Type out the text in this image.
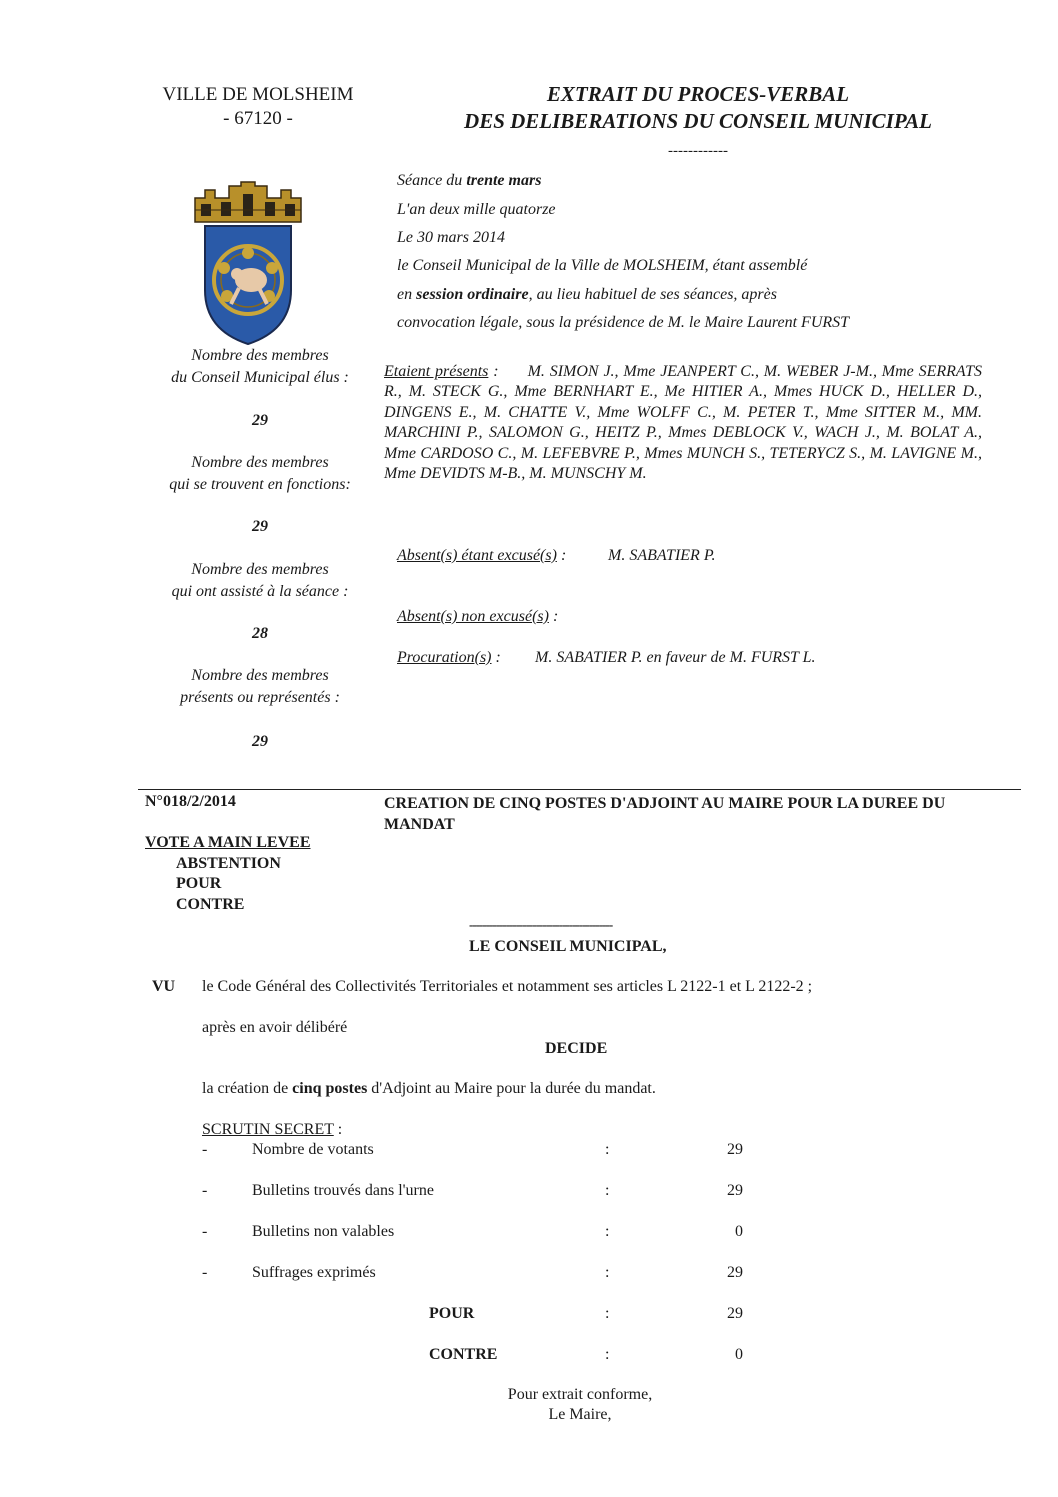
VILLE DE MOLSHEIM
- 67120 -
EXTRAIT DU PROCES-VERBAL
DES DELIBERATIONS DU CONSEIL MUNICIPAL
------------
Séance du trente mars
L'an deux mille quatorze
Le 30 mars 2014
le Conseil Municipal de la Ville de MOLSHEIM, étant assemblé
en session ordinaire, au lieu habituel de ses séances, après
convocation légale, sous la présidence de M. le Maire Laurent FURST
Nombre des membres
du Conseil Municipal élus :
29
Nombre des membres
qui se trouvent en fonctions:
29
Nombre des membres
qui ont assisté à la séance :
28
Nombre des membres
présents ou représentés :
29
Etaient présents : M. SIMON J., Mme JEANPERT C., M. WEBER J-M., Mme SERRATS R., M. STECK G., Mme BERNHART E., Me HITIER A., Mmes HUCK D., HELLER D., DINGENS E., M. CHATTE V., Mme WOLFF C., M. PETER T., Mme SITTER M., MM. MARCHINI P., SALOMON G., HEITZ P., Mmes DEBLOCK V., WACH J., M. BOLAT A., Mme CARDOSO C., M. LEFEBVRE P., Mmes MUNCH S., TETERYCZ S., M. LAVIGNE M., Mme DEVIDTS M-B., M. MUNSCHY M.
Absent(s) étant excusé(s) :	M. SABATIER P.
Absent(s) non excusé(s) :
Procuration(s) : M. SABATIER P. en faveur de M. FURST L.
N°018/2/2014	CREATION DE CINQ POSTES D'ADJOINT AU MAIRE POUR LA DUREE DU MANDAT
VOTE A MAIN LEVEE
ABSTENTION
POUR
CONTRE
-------------------------------------------
LE CONSEIL MUNICIPAL,
VU le Code Général des Collectivités Territoriales et notamment ses articles L 2122-1 et L 2122-2 ;
après en avoir délibéré
DECIDE
la création de cinq postes d'Adjoint au Maire pour la durée du mandat.
SCRUTIN SECRET :
-	Nombre de votants	:	29
-	Bulletins trouvés dans l'urne	:	29
-	Bulletins non valables	:	0
-	Suffrages exprimés	:	29
POUR	:	29
CONTRE	:	0
Pour extrait conforme,
Le Maire,
